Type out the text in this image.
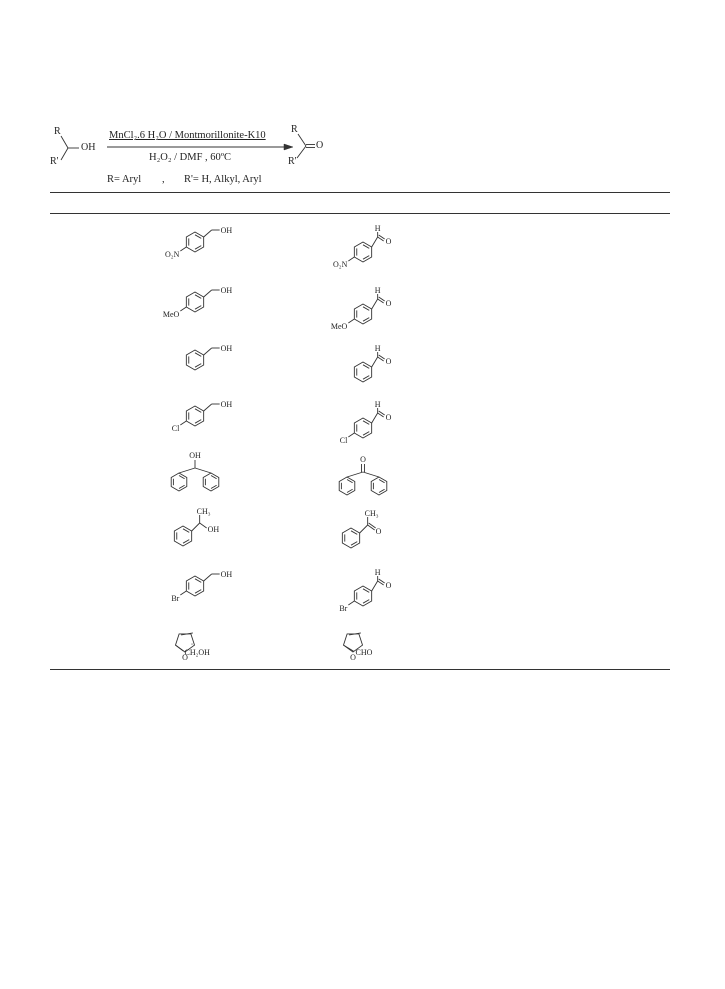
R
R'
OH
MnCl₂.6 H₂O / Montmorillonite-K10
H₂O₂ / DMF , 60ºC
R
R'
O
R= Aryl , R'= H, Alkyl, Aryl
OH
O₂N
H
O
O₂N
OH
MeO
H
O
MeO
OH	H
O
OH
Cl
H
O
Cl
OH	O
CH₃
OH
CH₃
O
OH
Br
H
O
Br
O
CH₂OH
O
CHO
